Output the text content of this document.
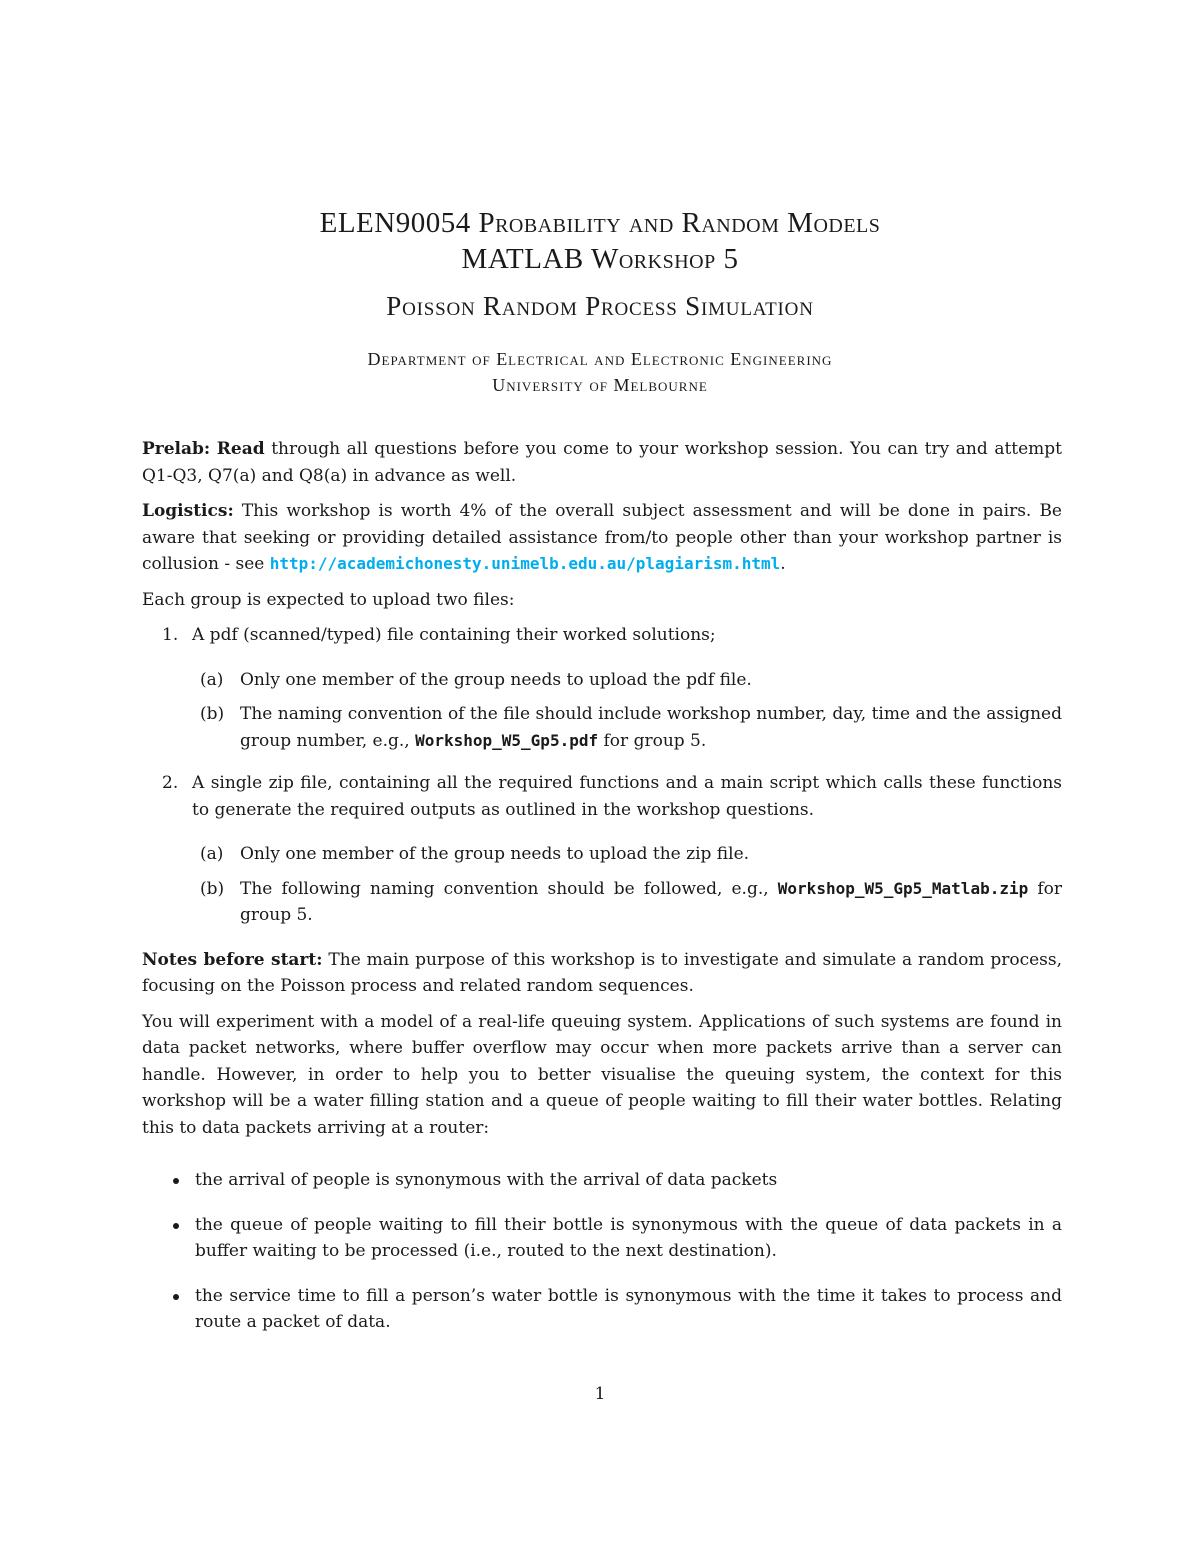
ELEN90054 Probability and Random Models
MATLAB Workshop 5
Poisson Random Process Simulation
Department of Electrical and Electronic Engineering
University of Melbourne

Prelab: Read through all questions before you come to your workshop session. You can try and attempt Q1-Q3, Q7(a) and Q8(a) in advance as well.

Logistics: This workshop is worth 4% of the overall subject assessment and will be done in pairs. Be aware that seeking or providing detailed assistance from/to people other than your workshop partner is collusion - see http://academichonesty.unimelb.edu.au/plagiarism.html.

Each group is expected to upload two files:

1. A pdf (scanned/typed) file containing their worked solutions;
(a) Only one member of the group needs to upload the pdf file.
(b) The naming convention of the file should include workshop number, day, time and the assigned group number, e.g., Workshop_W5_Gp5.pdf for group 5.
2. A single zip file, containing all the required functions and a main script which calls these functions to generate the required outputs as outlined in the workshop questions.
(a) Only one member of the group needs to upload the zip file.
(b) The following naming convention should be followed, e.g., Workshop_W5_Gp5_Matlab.zip for group 5.

Notes before start: The main purpose of this workshop is to investigate and simulate a random process, focusing on the Poisson process and related random sequences.

You will experiment with a model of a real-life queuing system. Applications of such systems are found in data packet networks, where buffer overflow may occur when more packets arrive than a server can handle. However, in order to help you to better visualise the queuing system, the context for this workshop will be a water filling station and a queue of people waiting to fill their water bottles. Relating this to data packets arriving at a router:

the arrival of people is synonymous with the arrival of data packets
the queue of people waiting to fill their bottle is synonymous with the queue of data packets in a buffer waiting to be processed (i.e., routed to the next destination).
the service time to fill a person’s water bottle is synonymous with the time it takes to process and route a packet of data.
1
